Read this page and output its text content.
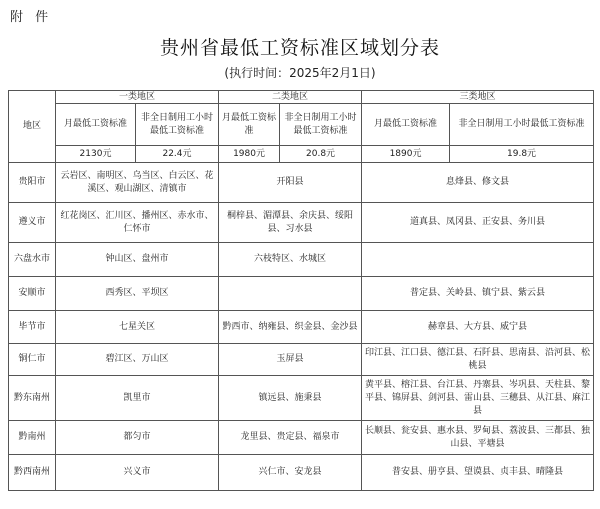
附 件
贵州省最低工资标准区域划分表
(执行时间：2025年2月1日)
地区	一类地区		二类地区		三类地区	
	月最低工资标准	非全日制用工小时最低工资标准	月最低工资标准	非全日制用工小时最低工资标准	月最低工资标准	非全日制用工小时最低工资标准
	2130元	22.4元	1980元	20.8元	1890元	19.8元
贵阳市	云岩区、南明区、乌当区、白云区、花溪区、观山湖区、清镇市		开阳县		息烽县、修文县	
遵义市	红花岗区、汇川区、播州区、赤水市、仁怀市		桐梓县、湄潭县、余庆县、绥阳县、习水县		道真县、凤冈县、正安县、务川县	
六盘水市	钟山区、盘州市		六枝特区、水城区			
安顺市	西秀区、平坝区				普定县、关岭县、镇宁县、紫云县	
毕节市	七星关区		黔西市、纳雍县、织金县、金沙县		赫章县、大方县、威宁县	
铜仁市	碧江区、万山区		玉屏县		印江县、江口县、德江县、石阡县、思南县、沿河县、松桃县	
黔东南州	凯里市		镇远县、施秉县		黄平县、榕江县、台江县、丹寨县、岑巩县、天柱县、黎平县、锦屏县、剑河县、雷山县、三穗县、从江县、麻江县	
黔南州	都匀市		龙里县、贵定县、福泉市		长顺县、瓮安县、惠水县、罗甸县、荔波县、三都县、独山县、平塘县	
黔西南州	兴义市		兴仁市、安龙县		普安县、册亨县、望谟县、贞丰县、晴隆县	
